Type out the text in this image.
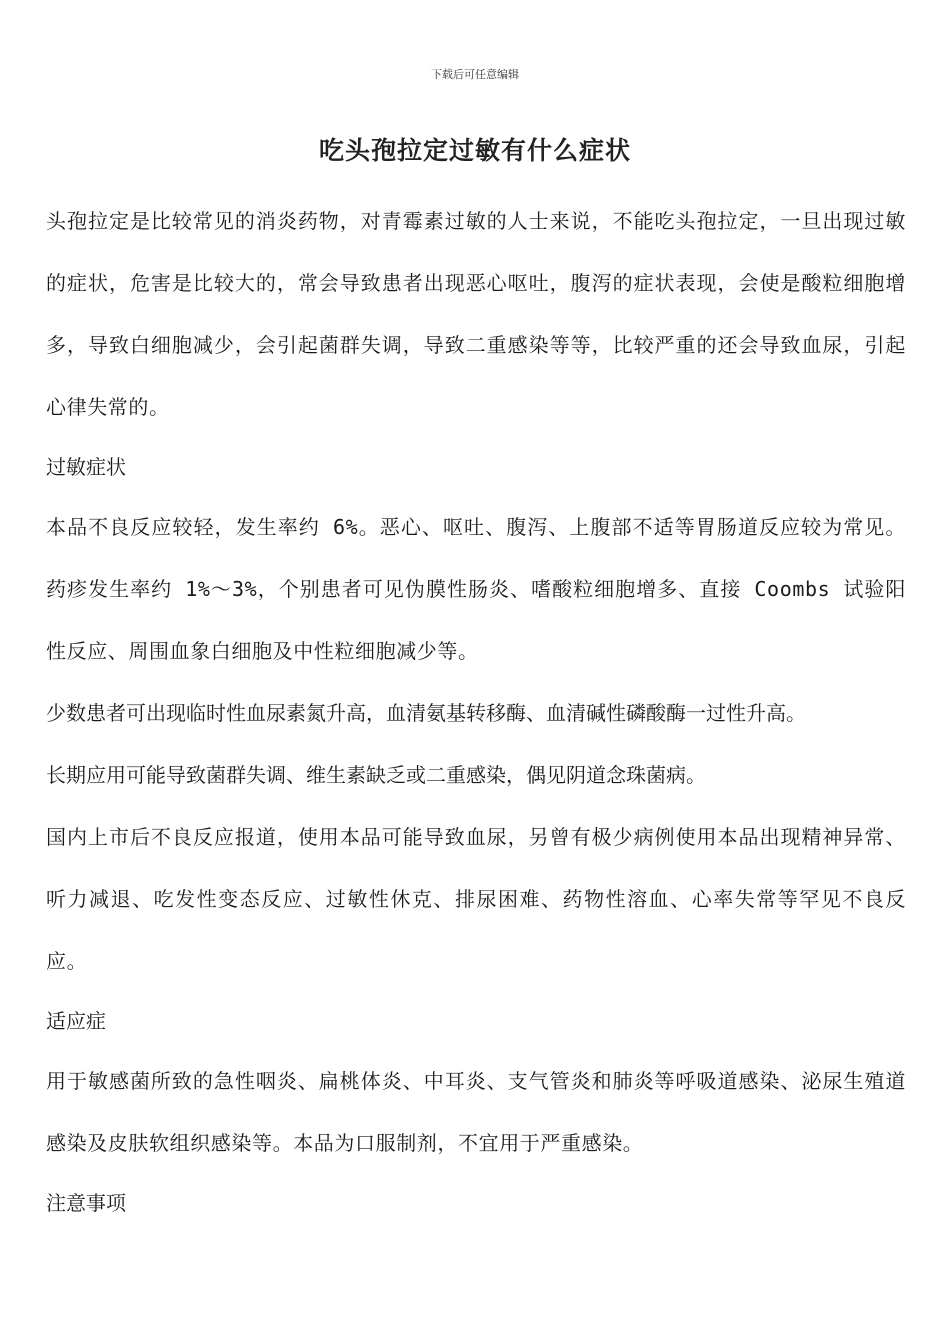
下载后可任意编辑
吃头孢拉定过敏有什么症状

头孢拉定是比较常见的消炎药物，对青霉素过敏的人士来说，不能吃头孢拉定，一旦出现过敏的症状，危害是比较大的，常会导致患者出现恶心呕吐，腹泻的症状表现，会使是酸粒细胞增多，导致白细胞减少，会引起菌群失调，导致二重感染等等，比较严重的还会导致血尿，引起心律失常的。

过敏症状

本品不良反应较轻，发生率约 6%。恶心、呕吐、腹泻、上腹部不适等胃肠道反应较为常见。药疹发生率约 1%～3%，个别患者可见伪膜性肠炎、嗜酸粒细胞增多、直接 Coombs 试验阳性反应、周围血象白细胞及中性粒细胞减少等。

少数患者可出现临时性血尿素氮升高，血清氨基转移酶、血清碱性磷酸酶一过性升高。

长期应用可能导致菌群失调、维生素缺乏或二重感染，偶见阴道念珠菌病。

国内上市后不良反应报道，使用本品可能导致血尿，另曾有极少病例使用本品出现精神异常、听力减退、吃发性变态反应、过敏性休克、排尿困难、药物性溶血、心率失常等罕见不良反应。

适应症

用于敏感菌所致的急性咽炎、扁桃体炎、中耳炎、支气管炎和肺炎等呼吸道感染、泌尿生殖道感染及皮肤软组织感染等。本品为口服制剂，不宜用于严重感染。

注意事项
